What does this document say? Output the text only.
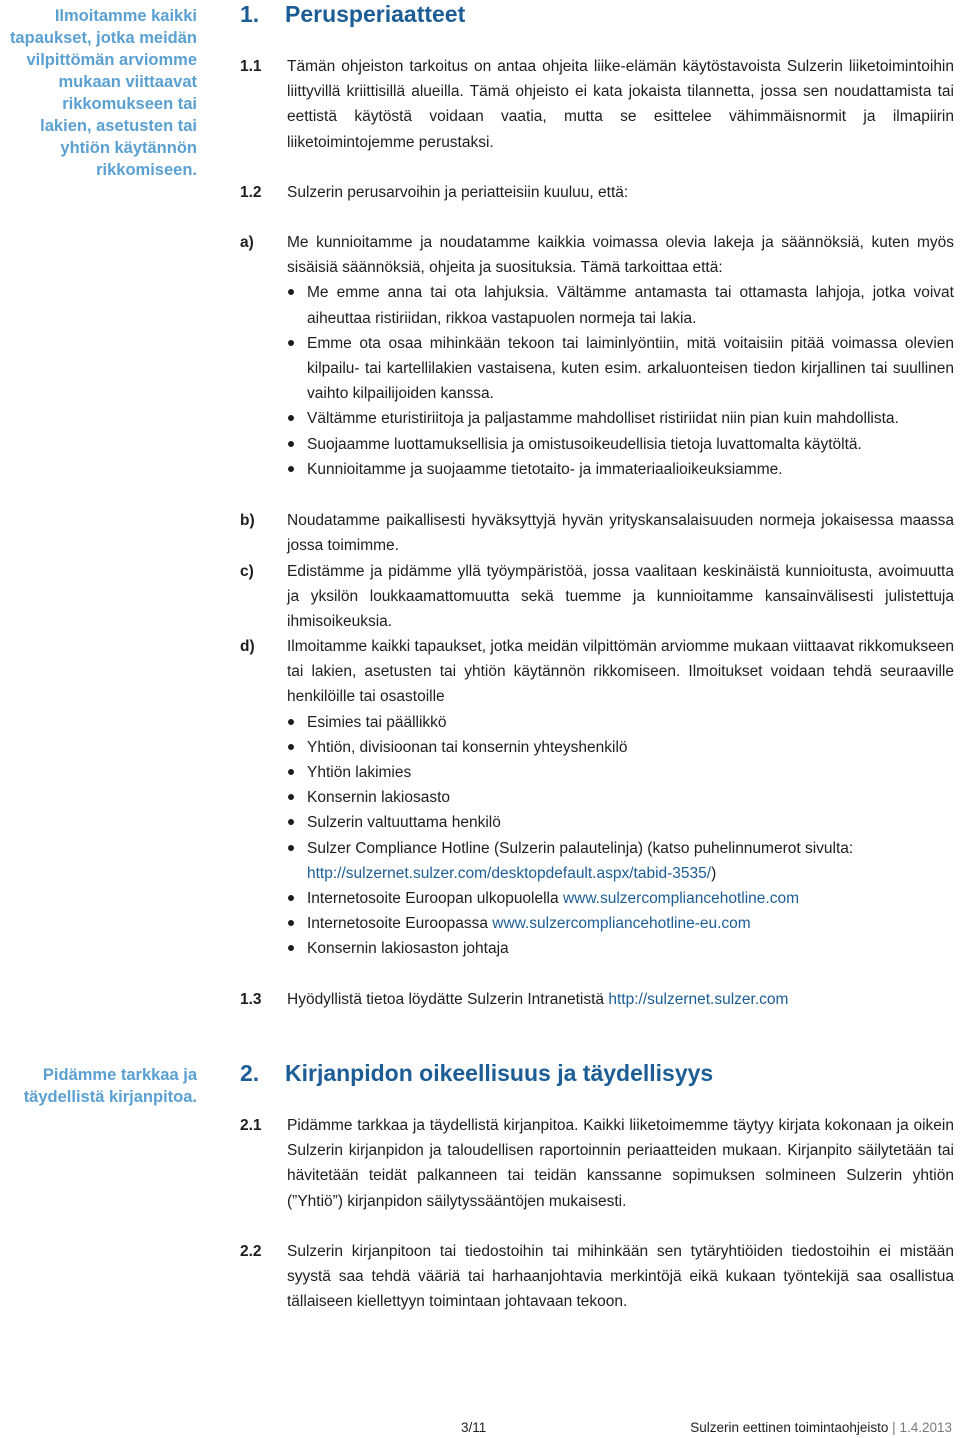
Ilmoitamme kaikki tapaukset, jotka meidän vilpittömän arviomme mukaan viittaavat rikkomukseen tai lakien, asetusten tai yhtiön käytännön rikkomiseen.
Pidämme tarkkaa ja täydellistä kirjanpitoa.
1. Perusperiaatteet
1.1 Tämän ohjeiston tarkoitus on antaa ohjeita liike-elämän käytöstavoista Sulzerin liiketoimintoihin liittyvillä kriittisillä alueilla. Tämä ohjeisto ei kata jokaista tilannetta, jossa sen noudattamista tai eettistä käytöstä voidaan vaatia, mutta se esittelee vähimmäisnormit ja ilmapiirin liiketoimintojemme perustaksi.
1.2 Sulzerin perusarvoihin ja periatteisiin kuuluu, että:
a) Me kunnioitamme ja noudatamme kaikkia voimassa olevia lakeja ja säännöksiä, kuten myös sisäisiä säännöksiä, ohjeita ja suosituksia. Tämä tarkoittaa että:
Me emme anna tai ota lahjuksia. Vältämme antamasta tai ottamasta lahjoja, jotka voivat aiheuttaa ristiriidan, rikkoa vastapuolen normeja tai lakia.
Emme ota osaa mihinkään tekoon tai laiminlyöntiin, mitä voitaisiin pitää voimassa olevien kilpailu- tai kartellilakien vastaisena, kuten esim. arkaluonteisen tiedon kirjallinen tai suullinen vaihto kilpailijoiden kanssa.
Vältämme eturistiriitoja ja paljastamme mahdolliset ristiriidat niin pian kuin mahdollista.
Suojaamme luottamuksellisia ja omistusoikeudellisia tietoja luvattomalta käytöltä.
Kunnioitamme ja suojaamme tietotaito- ja immateriaalioikeuksiamme.
b) Noudatamme paikallisesti hyväksyttyjä hyvän yrityskansalaisuuden normeja jokaisessa maassa jossa toimimme.
c) Edistämme ja pidämme yllä työympäristöä, jossa vaalitaan keskinäistä kunnioitusta, avoimuutta ja yksilön loukkaamattomuutta sekä tuemme ja kunnioitamme kansainvälisesti julistettuja ihmisoikeuksia.
d) Ilmoitamme kaikki tapaukset, jotka meidän vilpittömän arviomme mukaan viittaavat rikkomukseen tai lakien, asetusten tai yhtiön käytännön rikkomiseen. Ilmoitukset voidaan tehdä seuraaville henkilöille tai osastoille
Esimies tai päällikkö
Yhtiön, divisioonan tai konsernin yhteyshenkilö
Yhtiön lakimies
Konsernin lakiosasto
Sulzerin valtuuttama henkilö
Sulzer Compliance Hotline (Sulzerin palautelinja) (katso puhelinnumerot sivulta: http://sulzernet.sulzer.com/desktopdefault.aspx/tabid-3535/)
Internetosoite Euroopan ulkopuolella www.sulzercompliancehotline.com
Internetosoite Euroopassa www.sulzercompliancehotline-eu.com
Konsernin lakiosaston johtaja
1.3 Hyödyllistä tietoa löydätte Sulzerin Intranetistä http://sulzernet.sulzer.com
2. Kirjanpidon oikeellisuus ja täydellisyys
2.1 Pidämme tarkkaa ja täydellistä kirjanpitoa. Kaikki liiketoimemme täytyy kirjata kokonaan ja oikein Sulzerin kirjanpidon ja taloudellisen raportoinnin periaatteiden mukaan. Kirjanpito säilytetään tai hävitetään teidät palkanneen tai teidän kanssanne sopimuksen solmineen Sulzerin yhtiön (”Yhtiö”) kirjanpidon säilytyssääntöjen mukaisesti.
2.2 Sulzerin kirjanpitoon tai tiedostoihin tai mihinkään sen tytäryhtiöiden tiedostoihin ei mistään syystä saa tehdä vääriä tai harhaanjohtavia merkintöjä eikä kukaan työntekijä saa osallistua tällaiseen kiellettyyn toimintaan johtavaan tekoon.
3/11	Sulzerin eettinen toimintaohjeisto | 1.4.2013
